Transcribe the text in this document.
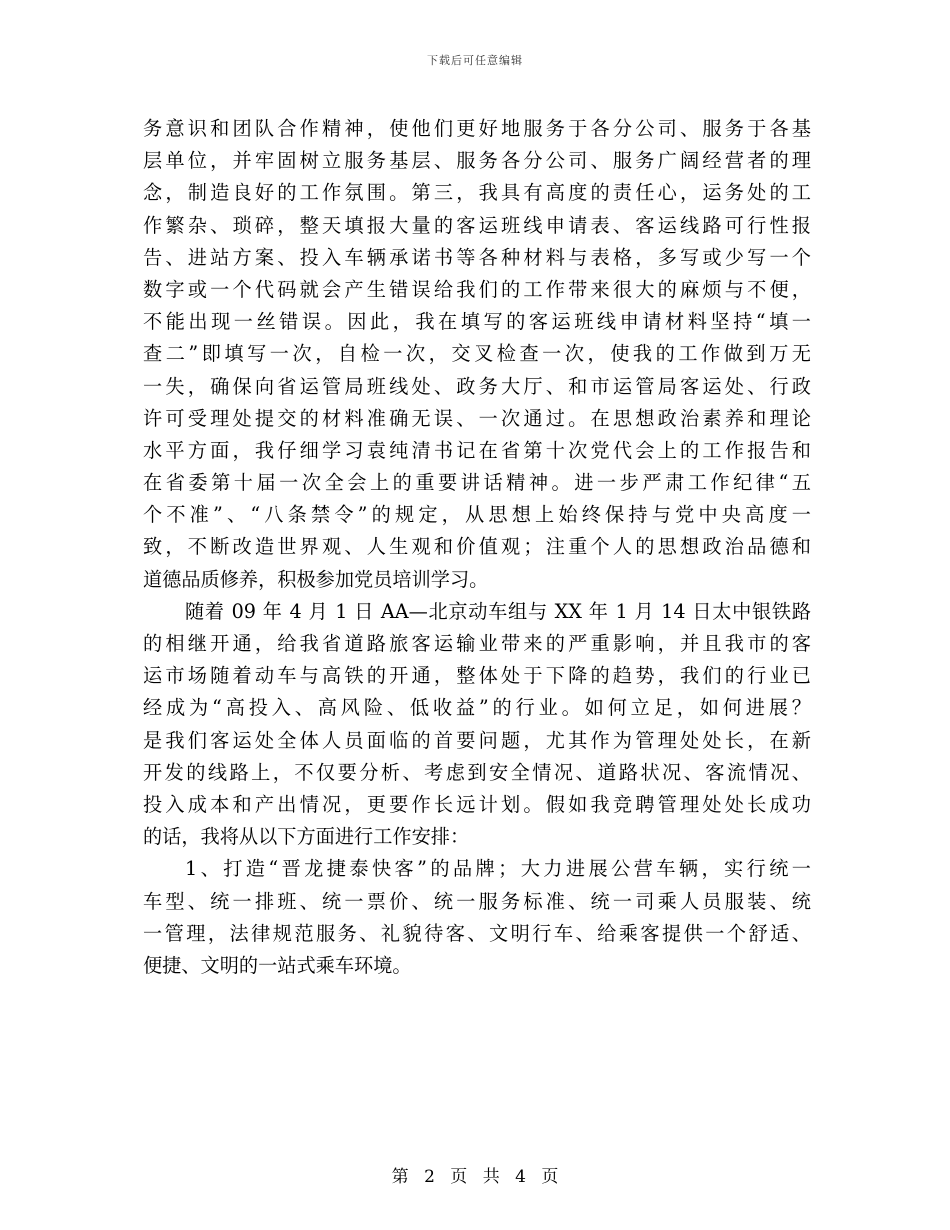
下载后可任意编辑
务意识和团队合作精神，使他们更好地服务于各分公司、服务于各基
层单位，并牢固树立服务基层、服务各分公司、服务广阔经营者的理
念，制造良好的工作氛围。第三，我具有高度的责任心，运务处的工
作繁杂、琐碎，整天填报大量的客运班线申请表、客运线路可行性报
告、进站方案、投入车辆承诺书等各种材料与表格，多写或少写一个
数字或一个代码就会产生错误给我们的工作带来很大的麻烦与不便，
不能出现一丝错误。因此，我在填写的客运班线申请材料坚持“填一
查二”即填写一次，自检一次，交叉检查一次，使我的工作做到万无
一失，确保向省运管局班线处、政务大厅、和市运管局客运处、行政
许可受理处提交的材料准确无误、一次通过。在思想政治素养和理论
水平方面，我仔细学习袁纯清书记在省第十次党代会上的工作报告和
在省委第十届一次全会上的重要讲话精神。进一步严肃工作纪律“五
个不准”、“八条禁令”的规定，从思想上始终保持与党中央高度一
致，不断改造世界观、人生观和价值观；注重个人的思想政治品德和
道德品质修养，积极参加党员培训学习。
随着 09 年 4 月 1 日 AA—北京动车组与 XX 年 1 月 14 日太中银铁路
的相继开通，给我省道路旅客运输业带来的严重影响，并且我市的客
运市场随着动车与高铁的开通，整体处于下降的趋势，我们的行业已
经成为“高投入、高风险、低收益”的行业。如何立足，如何进展？
是我们客运处全体人员面临的首要问题，尤其作为管理处处长，在新
开发的线路上，不仅要分析、考虑到安全情况、道路状况、客流情况、
投入成本和产出情况，更要作长远计划。假如我竞聘管理处处长成功
的话，我将从以下方面进行工作安排：
1、打造“晋龙捷泰快客”的品牌；大力进展公营车辆，实行统一
车型、统一排班、统一票价、统一服务标准、统一司乘人员服装、统
一管理，法律规范服务、礼貌待客、文明行车、给乘客提供一个舒适、
便捷、文明的一站式乘车环境。
第 2 页 共 4 页
